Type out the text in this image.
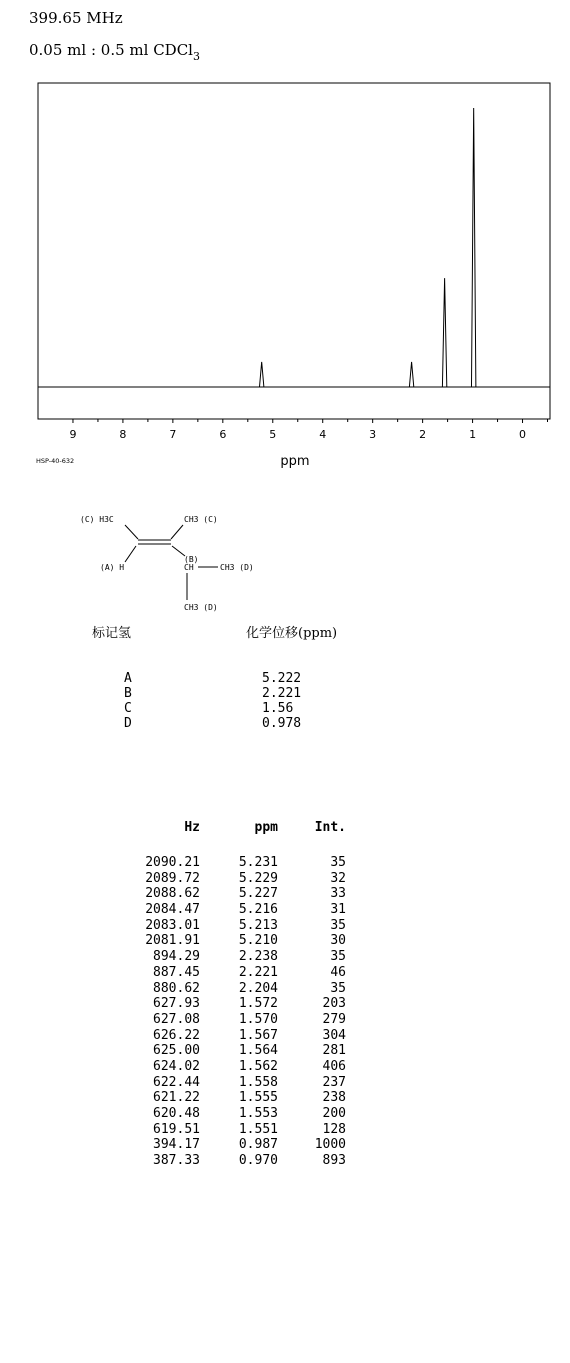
399.65 MHz
0.05 ml : 0.5 ml CDCl$_3$
9	8	7	6	5	4	3	2	1	0
ppm
HSP-40-632
(C) H3C	CH3 (C)
(A) H
(B)
CH	CH3 (D)
CH3 (D)
标记氢	化学位移(ppm)
A	5.222
B	2.221
C	1.56
D	0.978
Hz	ppm	Int.
2090.21	5.231	35
2089.72	5.229	32
2088.62	5.227	33
2084.47	5.216	31
2083.01	5.213	35
2081.91	5.210	30
894.29	2.238	35
887.45	2.221	46
880.62	2.204	35
627.93	1.572	203
627.08	1.570	279
626.22	1.567	304
625.00	1.564	281
624.02	1.562	406
622.44	1.558	237
621.22	1.555	238
620.48	1.553	200
619.51	1.551	128
394.17	0.987	1000
387.33	0.970	893
